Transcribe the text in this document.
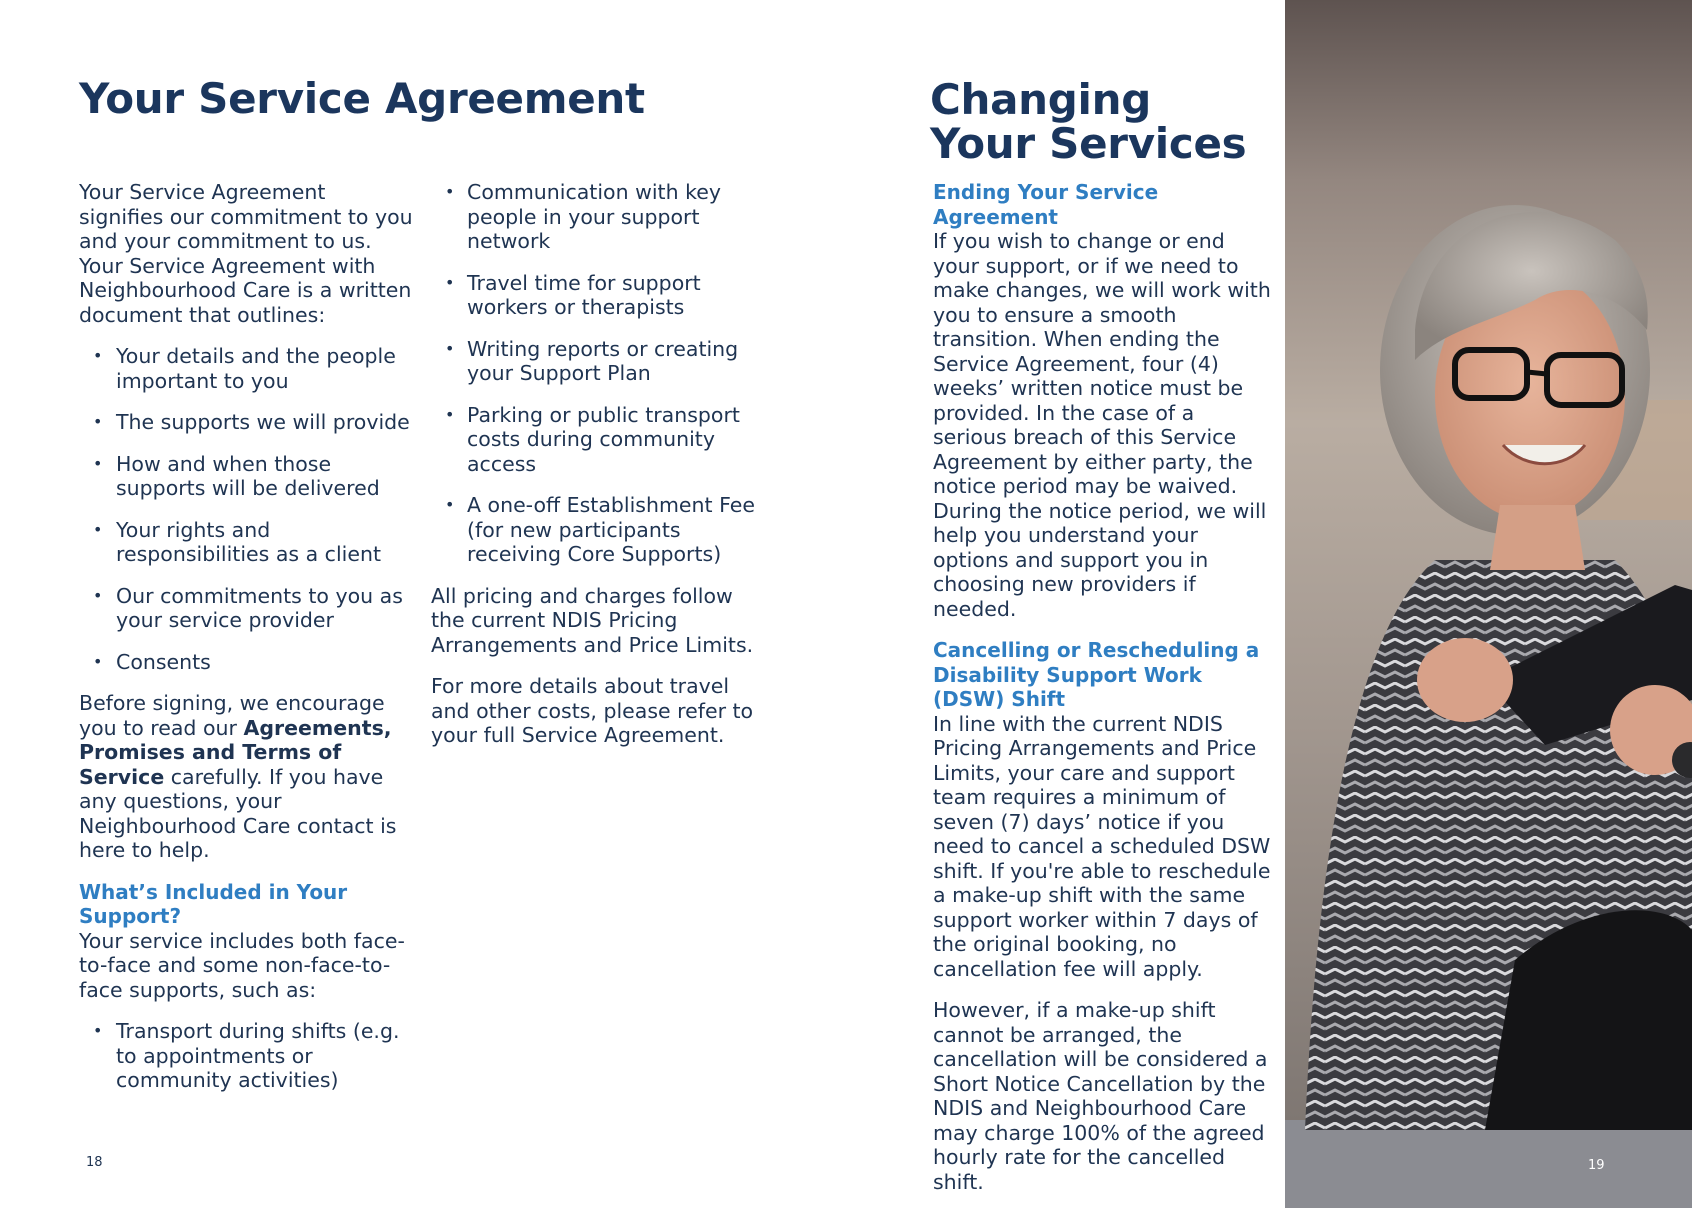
Your Service Agreement

Your Service Agreement signifies our commitment to you and your commitment to us. Your Service Agreement with Neighbourhood Care is a written document that outlines:

• Your details and the people important to you
• The supports we will provide
• How and when those supports will be delivered
• Your rights and responsibilities as a client
• Our commitments to you as your service provider
• Consents

Before signing, we encourage you to read our Agreements, Promises and Terms of Service carefully. If you have any questions, your Neighbourhood Care contact is here to help.

What’s Included in Your Support?

Your service includes both face-to-face and some non-face-to-face supports, such as:

• Transport during shifts (e.g. to appointments or community activities)
• Communication with key people in your support network
• Travel time for support workers or therapists
• Writing reports or creating your Support Plan
• Parking or public transport costs during community access
• A one-off Establishment Fee (for new participants receiving Core Supports)

All pricing and charges follow the current NDIS Pricing Arrangements and Price Limits.

For more details about travel and other costs, please refer to your full Service Agreement.

18
Changing Your Services
Ending Your Service Agreement

If you wish to change or end your support, or if we need to make changes, we will work with you to ensure a smooth transition. When ending the Service Agreement, four (4) weeks’ written notice must be provided. In the case of a serious breach of this Service Agreement by either party, the notice period may be waived. During the notice period, we will help you understand your options and support you in choosing new providers if needed.

Cancelling or Rescheduling a Disability Support Work (DSW) Shift

In line with the current NDIS Pricing Arrangements and Price Limits, your care and support team requires a minimum of seven (7) days’ notice if you need to cancel a scheduled DSW shift. If you're able to reschedule a make-up shift with the same support worker within 7 days of the original booking, no cancellation fee will apply.

However, if a make-up shift cannot be arranged, the cancellation will be considered a Short Notice Cancellation by the NDIS and Neighbourhood Care may charge 100% of the agreed hourly rate for the cancelled shift.

19
